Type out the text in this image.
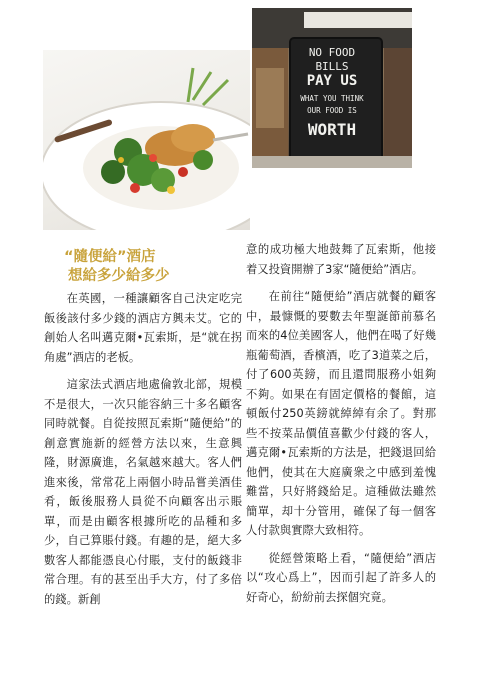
NO FOOD
BILLS
PAY US
WHAT YOU THINK
OUR FOOD IS
WORTH
“隨便給”酒店
想給多少給多少

在英國，一種讓顧客自己決定吃完飯後該付多少錢的酒店方興未艾。它的創始人名叫邁克爾•瓦索斯，是“就在拐角處”酒店的老板。

這家法式酒店地處倫敦北部，規模不是很大，一次只能容納三十多名顧客同時就餐。自從按照瓦索斯“隨便給”的創意實施新的經營方法以來，生意興隆，財源廣進，名氣越來越大。客人們進來後，常常花上兩個小時品嘗美酒佳肴，飯後服務人員從不向顧客出示賬單，而是由顧客根據所吃的品種和多少，自己算賬付錢。有趣的是，絕大多數客人都能憑良心付賬，支付的飯錢非常合理。有的甚至出手大方，付了多倍的錢。新創

意的成功極大地鼓舞了瓦索斯，他接着又投資開辦了3家“隨便給”酒店。

在前往“隨便給”酒店就餐的顧客中，最慷慨的要數去年聖誕節前慕名而來的4位美國客人，他們在喝了好幾瓶葡萄酒，香檳酒，吃了3道菜之后，付了600英鎊，而且還問服務小姐夠不夠。如果在有固定價格的餐館，這頓飯付250英鎊就綽綽有余了。對那些不按菜品價值喜歡少付錢的客人，邁克爾•瓦索斯的方法是，把錢退回給他們，使其在大庭廣衆之中感到羞愧難當，只好將錢給足。這種做法雖然簡單，却十分管用，確保了每一個客人付款與實際大致相符。

從經營策略上看，“隨便給”酒店以“攻心爲上”，因而引起了許多人的好奇心，紛紛前去探個究竟。
